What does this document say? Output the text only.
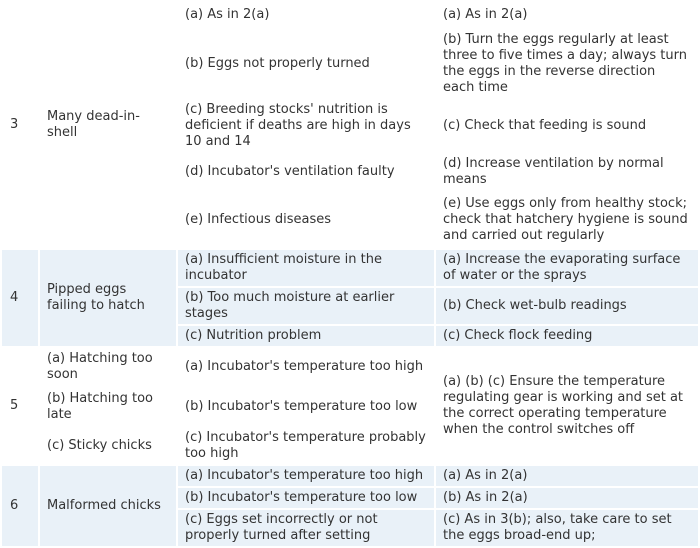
3	Many dead-in-shell	(a) As in 2(a)	(a) As in 2(a)
		(b) Eggs not properly turned	(b) Turn the eggs regularly at least three to five times a day; always turn the eggs in the reverse direction each time
		(c) Breeding stocks' nutrition is deficient if deaths are high in days 10 and 14	(c) Check that feeding is sound
		(d) Incubator's ventilation faulty	(d) Increase ventilation by normal means
		(e) Infectious diseases	(e) Use eggs only from healthy stock; check that hatchery hygiene is sound and carried out regularly
4	Pipped eggs failing to hatch	(a) Insufficient moisture in the incubator	(a) Increase the evaporating surface of water or the sprays
		(b) Too much moisture at earlier stages	(b) Check wet-bulb readings
		(c) Nutrition problem	(c) Check flock feeding
5	(a) Hatching too soon	(a) Incubator's temperature too high	(a) (b) (c) Ensure the temperature regulating gear is working and set at the correct operating temperature when the control switches off
	(b) Hatching too late	(b) Incubator's temperature too low	
	(c) Sticky chicks	(c) Incubator's temperature probably too high	
6	Malformed chicks	(a) Incubator's temperature too high	(a) As in 2(a)
		(b) Incubator's temperature too low	(b) As in 2(a)
		(c) Eggs set incorrectly or not properly turned after setting	(c) As in 3(b); also, take care to set the eggs broad-end up;
